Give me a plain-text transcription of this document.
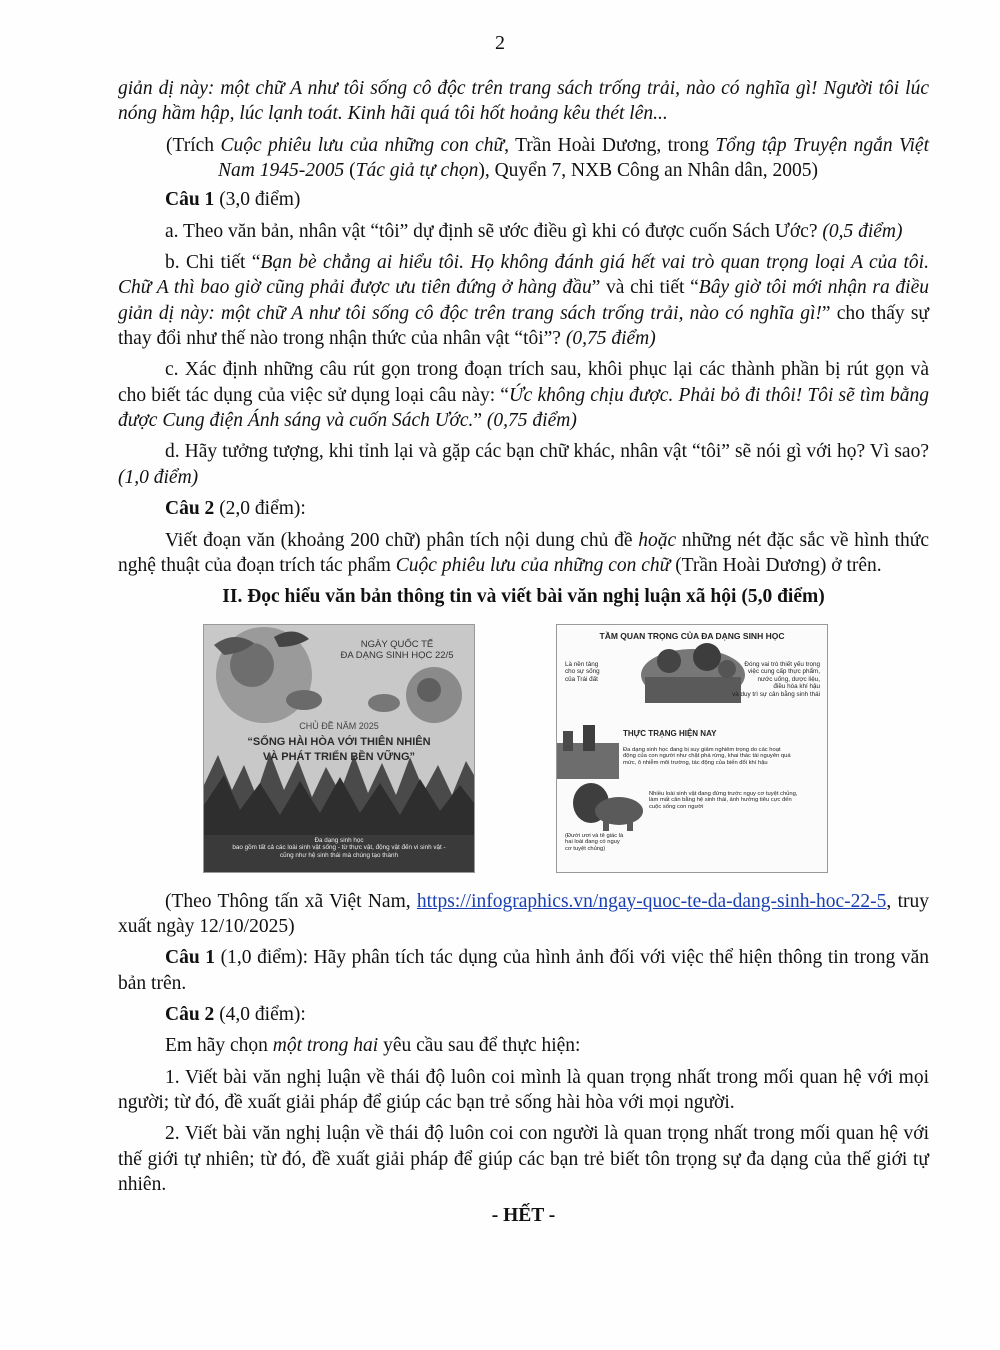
2

giản dị này: một chữ A như tôi sống cô độc trên trang sách trống trải, nào có nghĩa gì! Người tôi lúc nóng hầm hập, lúc lạnh toát. Kinh hãi quá tôi hốt hoảng kêu thét lên...

(Trích Cuộc phiêu lưu của những con chữ, Trần Hoài Dương, trong Tổng tập Truyện ngắn Việt Nam 1945-2005 (Tác giả tự chọn), Quyển 7, NXB Công an Nhân dân, 2005)

Câu 1 (3,0 điểm)

a. Theo văn bản, nhân vật “tôi” dự định sẽ ước điều gì khi có được cuốn Sách Ước? (0,5 điểm)

b. Chi tiết “Bạn bè chẳng ai hiểu tôi. Họ không đánh giá hết vai trò quan trọng loại A của tôi. Chữ A thì bao giờ cũng phải được ưu tiên đứng ở hàng đầu” và chi tiết “Bây giờ tôi mới nhận ra điều giản dị này: một chữ A như tôi sống cô độc trên trang sách trống trải, nào có nghĩa gì!” cho thấy sự thay đổi như thế nào trong nhận thức của nhân vật “tôi”? (0,75 điểm)

c. Xác định những câu rút gọn trong đoạn trích sau, khôi phục lại các thành phần bị rút gọn và cho biết tác dụng của việc sử dụng loại câu này: “Ức không chịu được. Phải bỏ đi thôi! Tôi sẽ tìm bằng được Cung điện Ánh sáng và cuốn Sách Ước.” (0,75 điểm)

d. Hãy tưởng tượng, khi tỉnh lại và gặp các bạn chữ khác, nhân vật “tôi” sẽ nói gì với họ? Vì sao? (1,0 điểm)

Câu 2 (2,0 điểm):

Viết đoạn văn (khoảng 200 chữ) phân tích nội dung chủ đề hoặc những nét đặc sắc về hình thức nghệ thuật của đoạn trích tác phẩm Cuộc phiêu lưu của những con chữ (Trần Hoài Dương) ở trên.

II. Đọc hiểu văn bản thông tin và viết bài văn nghị luận xã hội (5,0 điểm)

NGÀY QUỐC TẾ
ĐA DẠNG SINH HỌC 22/5
CHỦ ĐỀ NĂM 2025
“SỐNG HÀI HÒA VỚI THIÊN NHIÊN
VÀ PHÁT TRIỂN BỀN VỮNG”
Đa dạng sinh học
bao gồm tất cả các loài sinh vật sống - từ thực vật, động vật đến vi sinh vật -
cũng như hệ sinh thái mà chúng tạo thành
TẦM QUAN TRỌNG CỦA ĐA DẠNG SINH HỌC
Là nền tảng
cho sự sống
của Trái đất
Đóng vai trò thiết yếu trong
việc cung cấp thực phẩm,
nước uống, dược liệu,
điều hòa khí hậu
và duy trì sự cân bằng sinh thái
THỰC TRẠNG HIỆN NAY
Đa dạng sinh học đang bị suy giảm nghiêm trọng do các hoạt
động của con người như chặt phá rừng, khai thác tài nguyên quá
mức, ô nhiễm môi trường, tác động của biến đổi khí hậu
Nhiều loài sinh vật đang đứng trước nguy cơ tuyệt chủng,
làm mất cân bằng hệ sinh thái, ảnh hưởng tiêu cực đến
cuộc sống con người
(Đười ươi và tê giác là
hai loài đang có nguy
cơ tuyệt chủng)

(Theo Thông tấn xã Việt Nam, https://infographics.vn/ngay-quoc-te-da-dang-sinh-hoc-22-5, truy xuất ngày 12/10/2025)

Câu 1 (1,0 điểm): Hãy phân tích tác dụng của hình ảnh đối với việc thể hiện thông tin trong văn bản trên.

Câu 2 (4,0 điểm):

Em hãy chọn một trong hai yêu cầu sau để thực hiện:

1. Viết bài văn nghị luận về thái độ luôn coi mình là quan trọng nhất trong mối quan hệ với mọi người; từ đó, đề xuất giải pháp để giúp các bạn trẻ sống hài hòa với mọi người.

2. Viết bài văn nghị luận về thái độ luôn coi con người là quan trọng nhất trong mối quan hệ với thế giới tự nhiên; từ đó, đề xuất giải pháp để giúp các bạn trẻ biết tôn trọng sự đa dạng của thế giới tự nhiên.

- HẾT -
